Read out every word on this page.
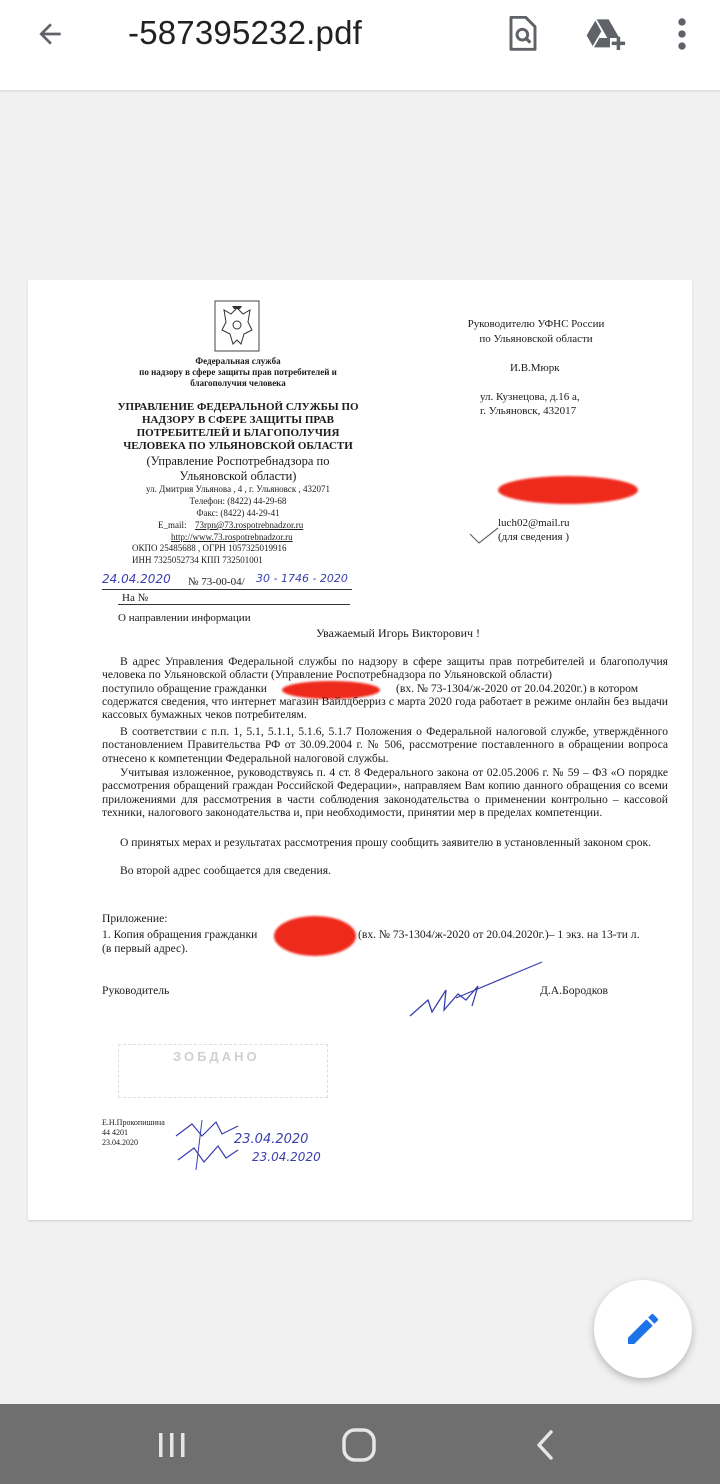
-587395232.pdf
Федеральная служба
по надзору в сфере защиты прав потребителей и
благополучия человека
УПРАВЛЕНИЕ ФЕДЕРАЛЬНОЙ СЛУЖБЫ ПО
НАДЗОРУ В СФЕРЕ ЗАЩИТЫ ПРАВ
ПОТРЕБИТЕЛЕЙ И БЛАГОПОЛУЧИЯ
ЧЕЛОВЕКА ПО УЛЬЯНОВСКОЙ ОБЛАСТИ
(Управление Роспотребнадзора по
Ульяновской области)
ул. Дмитрия Ульянова , 4 , г. Ульяновск , 432071
Телефон: (8422) 44-29-68
Факс: (8422) 44-29-41
E_mail: 73rpn@73.rospotrebnadzor.ru
http://www.73.rospotrebnadzor.ru
ОКПО 25485688 , ОГРН 1057325019916
ИНН 7325052734 КПП 732501001
Руководителю УФНС России
по Ульяновской области
И.В.Мюрк
ул. Кузнецова, д.16 а,
г. Ульяновск, 432017
luch02@mail.ru
(для сведения )
24.04.2020 № 73-00-04/ 30 - 1746 - 2020
На №
О направлении информации
Уважаемый Игорь Викторович !
В адрес Управления Федеральной службы по надзору в сфере защиты прав потребителей и благополучия человека по Ульяновской области (Управление Роспотребнадзора по Ульяновской области)
поступило обращение гражданки	(вх. № 73-1304/ж-2020 от 20.04.2020г.) в котором
содержатся сведения, что интернет магазин Вайлдберриз с марта 2020 года работает в режиме онлайн без выдачи кассовых бумажных чеков потребителям.
В соответствии с п.п. 1, 5.1, 5.1.1, 5.1.6, 5.1.7 Положения о Федеральной налоговой службе, утверждённого постановлением Правительства РФ от 30.09.2004 г. № 506, рассмотрение поставленного в обращении вопроса отнесено к компетенции Федеральной налоговой службы.
Учитывая изложенное, руководствуясь п. 4 ст. 8 Федерального закона от 02.05.2006 г. № 59 – ФЗ «О порядке рассмотрения обращений граждан Российской Федерации», направляем Вам копию данного обращения со всеми приложениями для рассмотрения в части соблюдения законодательства о применении контрольно – кассовой техники, налогового законодательства и, при необходимости, принятии мер в пределах компетенции.
О принятых мерах и результатах рассмотрения прошу сообщить заявителю в установленный законом срок.
Во второй адрес сообщается для сведения.
Приложение:
1. Копия обращения гражданки	(вх. № 73-1304/ж-2020 от 20.04.2020г.)– 1 экз. на 13-ти л.
(в первый адрес).
Руководитель	Д.А.Бородков
ЗОБДАНО
Е.Н.Прокопишина
44 4201
23.04.2020	23.04.2020
23.04.2020
